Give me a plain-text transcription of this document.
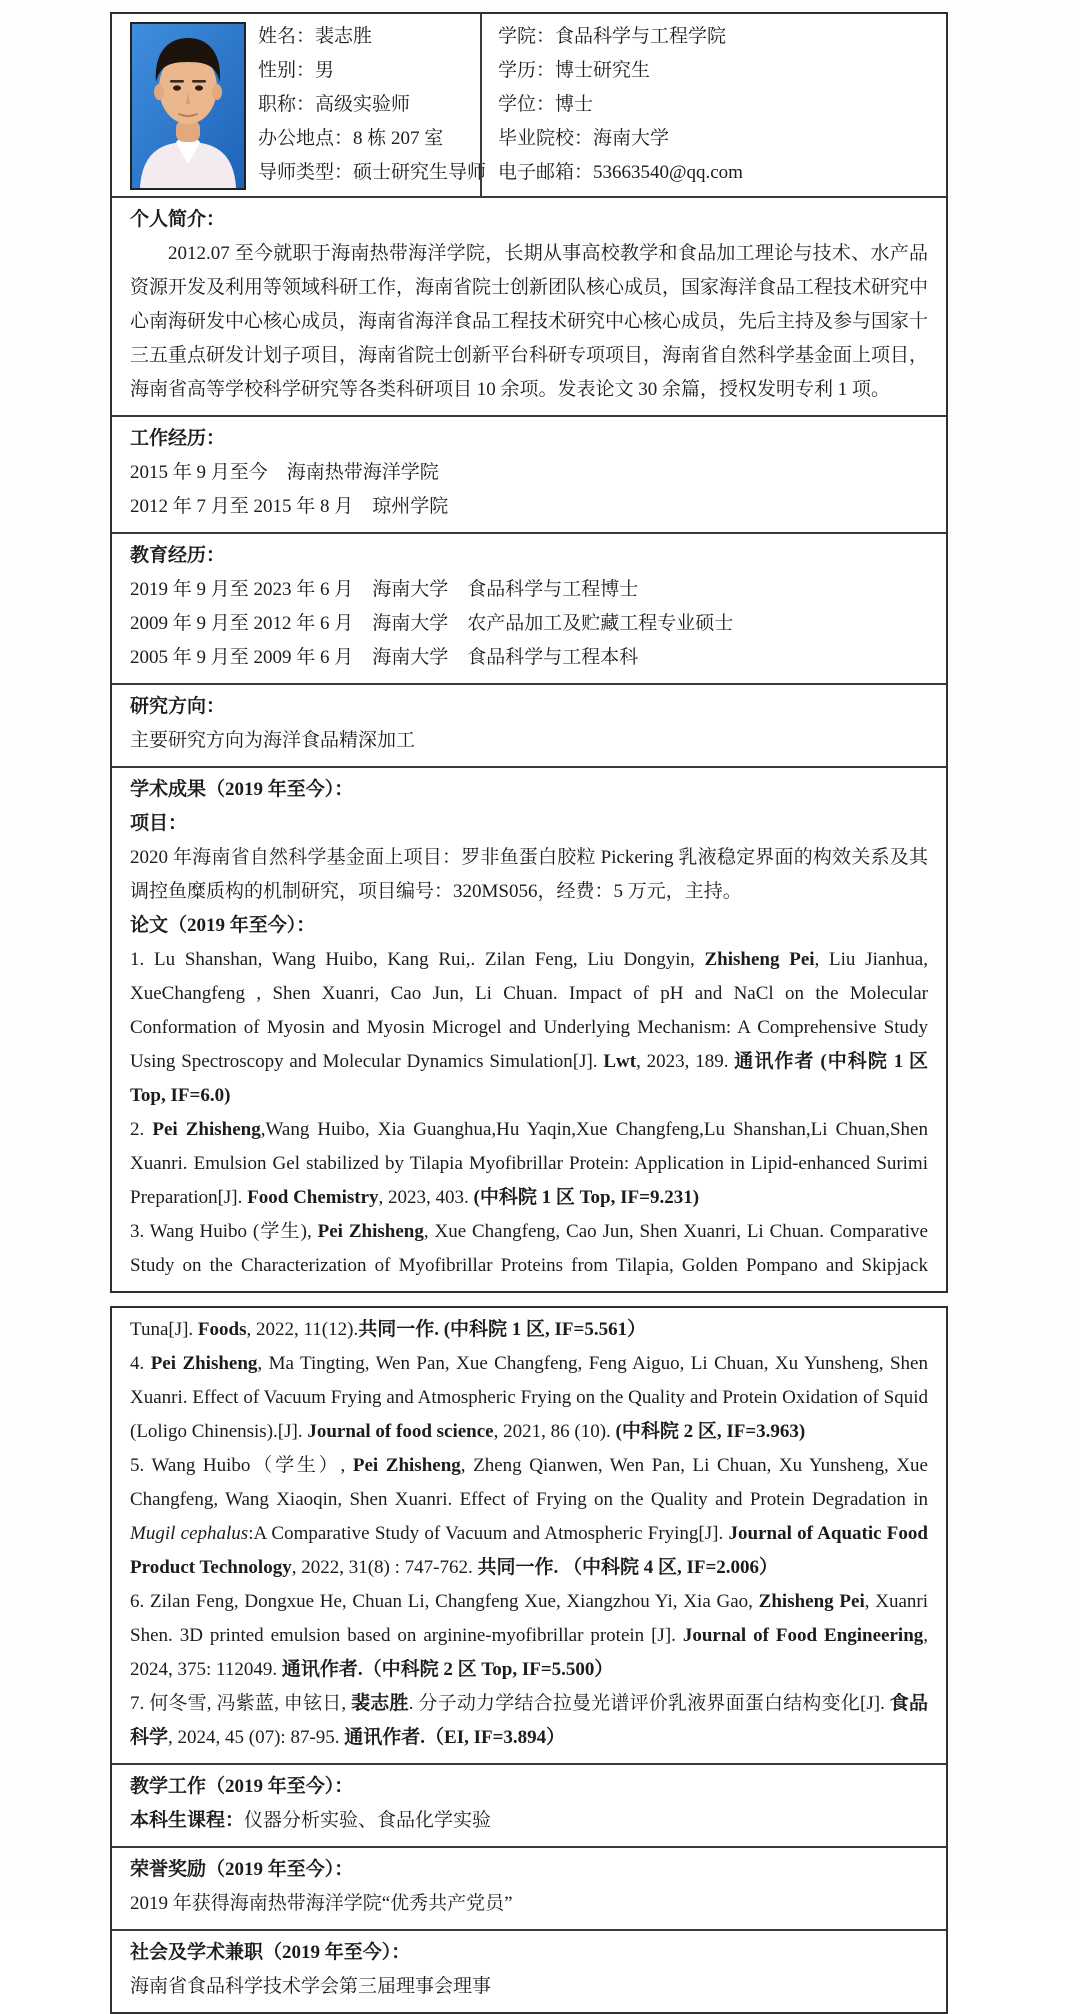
姓名：裴志胜
性别：男
职称：高级实验师
办公地点：8 栋 207 室
导师类型：硕士研究生导师
学院：食品科学与工程学院
学历：博士研究生
学位：博士
毕业院校：海南大学
电子邮箱：53663540@qq.com
个人简介：

2012.07 至今就职于海南热带海洋学院，长期从事高校教学和食品加工理论与技术、水产品资源开发及利用等领域科研工作，海南省院士创新团队核心成员，国家海洋食品工程技术研究中心南海研发中心核心成员，海南省海洋食品工程技术研究中心核心成员，先后主持及参与国家十三五重点研发计划子项目，海南省院士创新平台科研专项项目，海南省自然科学基金面上项目，海南省高等学校科学研究等各类科研项目 10 余项。发表论文 30 余篇，授权发明专利 1 项。

工作经历：
2015 年 9 月至今　海南热带海洋学院
2012 年 7 月至 2015 年 8 月　琼州学院
教育经历：
2019 年 9 月至 2023 年 6 月　海南大学　食品科学与工程博士
2009 年 9 月至 2012 年 6 月　海南大学　农产品加工及贮藏工程专业硕士
2005 年 9 月至 2009 年 6 月　海南大学　食品科学与工程本科
研究方向：
主要研究方向为海洋食品精深加工
学术成果（2019 年至今）：
项目：

2020 年海南省自然科学基金面上项目：罗非鱼蛋白胶粒 Pickering 乳液稳定界面的构效关系及其调控鱼糜质构的机制研究，项目编号：320MS056，经费：5 万元，主持。

论文（2019 年至今）：

1. Lu Shanshan, Wang Huibo, Kang Rui,. Zilan Feng, Liu Dongyin, Zhisheng Pei, Liu Jianhua, XueChangfeng , Shen Xuanri, Cao Jun, Li Chuan. Impact of pH and NaCl on the Molecular Conformation of Myosin and Myosin Microgel and Underlying Mechanism: A Comprehensive Study Using Spectroscopy and Molecular Dynamics Simulation[J]. Lwt, 2023, 189. 通讯作者 (中科院 1 区 Top, IF=6.0)

2. Pei Zhisheng,Wang Huibo, Xia Guanghua,Hu Yaqin,Xue Changfeng,Lu Shanshan,Li Chuan,Shen Xuanri. Emulsion Gel stabilized by Tilapia Myofibrillar Protein: Application in Lipid-enhanced Surimi Preparation[J]. Food Chemistry, 2023, 403. (中科院 1 区 Top, IF=9.231)

3. Wang Huibo (学生), Pei Zhisheng, Xue Changfeng, Cao Jun, Shen Xuanri, Li Chuan. Comparative Study on the Characterization of Myofibrillar Proteins from Tilapia, Golden Pompano and Skipjack

Tuna[J]. Foods, 2022, 11(12).共同一作. (中科院 1 区, IF=5.561）

4. Pei Zhisheng, Ma Tingting, Wen Pan, Xue Changfeng, Feng Aiguo, Li Chuan, Xu Yunsheng, Shen Xuanri. Effect of Vacuum Frying and Atmospheric Frying on the Quality and Protein Oxidation of Squid (Loligo Chinensis).[J]. Journal of food science, 2021, 86 (10). (中科院 2 区, IF=3.963)

5. Wang Huibo（学生）, Pei Zhisheng, Zheng Qianwen, Wen Pan, Li Chuan, Xu Yunsheng, Xue Changfeng, Wang Xiaoqin, Shen Xuanri. Effect of Frying on the Quality and Protein Degradation in Mugil cephalus:A Comparative Study of Vacuum and Atmospheric Frying[J]. Journal of Aquatic Food Product Technology, 2022, 31(8) : 747-762. 共同一作. （中科院 4 区, IF=2.006）

6. Zilan Feng, Dongxue He, Chuan Li, Changfeng Xue, Xiangzhou Yi, Xia Gao, Zhisheng Pei, Xuanri Shen. 3D printed emulsion based on arginine-myofibrillar protein [J]. Journal of Food Engineering, 2024, 375: 112049. 通讯作者.（中科院 2 区 Top, IF=5.500）

7. 何冬雪, 冯紫蓝, 申铉日, 裴志胜. 分子动力学结合拉曼光谱评价乳液界面蛋白结构变化[J]. 食品科学, 2024, 45 (07): 87-95. 通讯作者.（EI, IF=3.894）

教学工作（2019 年至今）：
本科生课程：仪器分析实验、食品化学实验
荣誉奖励（2019 年至今）：
2019 年获得海南热带海洋学院“优秀共产党员”
社会及学术兼职（2019 年至今）：
海南省食品科学技术学会第三届理事会理事
